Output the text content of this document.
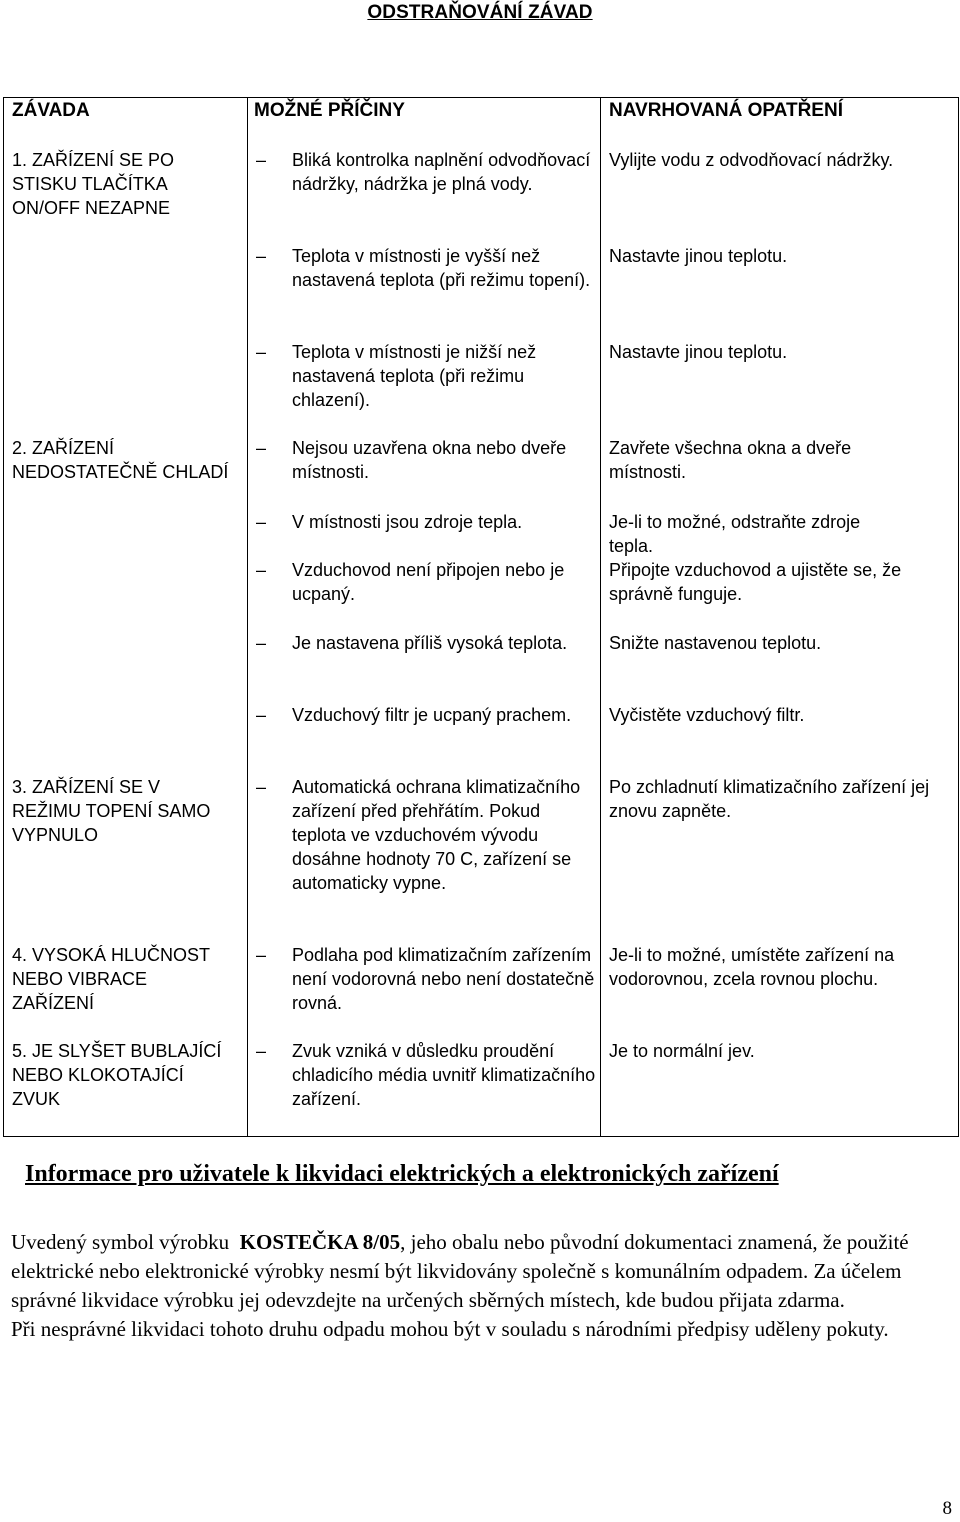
ODSTRAŇOVÁNÍ ZÁVAD
ZÁVADA	MOŽNÉ PŘÍČINY	NAVRHOVANÁ OPATŘENÍ
1. ZAŘÍZENÍ SE PO STISKU TLAČÍTKA ON/OFF NEZAPNE
2. ZAŘÍZENÍ NEDOSTATEČNĚ CHLADÍ
3. ZAŘÍZENÍ SE V REŽIMU TOPENÍ SAMO VYPNULO
4. VYSOKÁ HLUČNOST NEBO VIBRACE ZAŘÍZENÍ
5. JE SLYŠET BUBLAJÍCÍ NEBO KLOKOTAJÍCÍ ZVUK
– Bliká kontrolka naplnění odvodňovací nádržky, nádržka je plná vody.
– Teplota v místnosti je vyšší než nastavená teplota (při režimu topení).
– Teplota v místnosti je nižší než nastavená teplota (při režimu chlazení).
– Nejsou uzavřena okna nebo dveře místnosti.
– V místnosti jsou zdroje tepla.
– Vzduchovod není připojen nebo je ucpaný.
– Je nastavena příliš vysoká teplota.
– Vzduchový filtr je ucpaný prachem.
– Automatická ochrana klimatizačního zařízení před přehřátím. Pokud teplota ve vzduchovém vývodu dosáhne hodnoty 70 C, zařízení se automaticky vypne.
– Podlaha pod klimatizačním zařízením není vodorovná nebo není dostatečně rovná.
– Zvuk vzniká v důsledku proudění chladicího média uvnitř klimatizačního zařízení.
Vylijte vodu z odvodňovací nádržky.
Nastavte jinou teplotu.
Nastavte jinou teplotu.
Zavřete všechna okna a dveře místnosti.
Je-li to možné, odstraňte zdroje tepla.
Připojte vzduchovod a ujistěte se, že správně funguje.
Snižte nastavenou teplotu.
Vyčistěte vzduchový filtr.
Po zchladnutí klimatizačního zařízení jej znovu zapněte.
Je-li to možné, umístěte zařízení na vodorovnou, zcela rovnou plochu.
Je to normální jev.
Informace pro uživatele k likvidaci elektrických a elektronických zařízení
Uvedený symbol výrobku KOSTEČKA 8/05, jeho obalu nebo původní dokumentaci znamená, že použité elektrické nebo elektronické výrobky nesmí být likvidovány společně s komunálním odpadem. Za účelem správné likvidace výrobku jej odevzdejte na určených sběrných místech, kde budou přijata zdarma.
Při nesprávné likvidaci tohoto druhu odpadu mohou být v souladu s národními předpisy uděleny pokuty.
8
